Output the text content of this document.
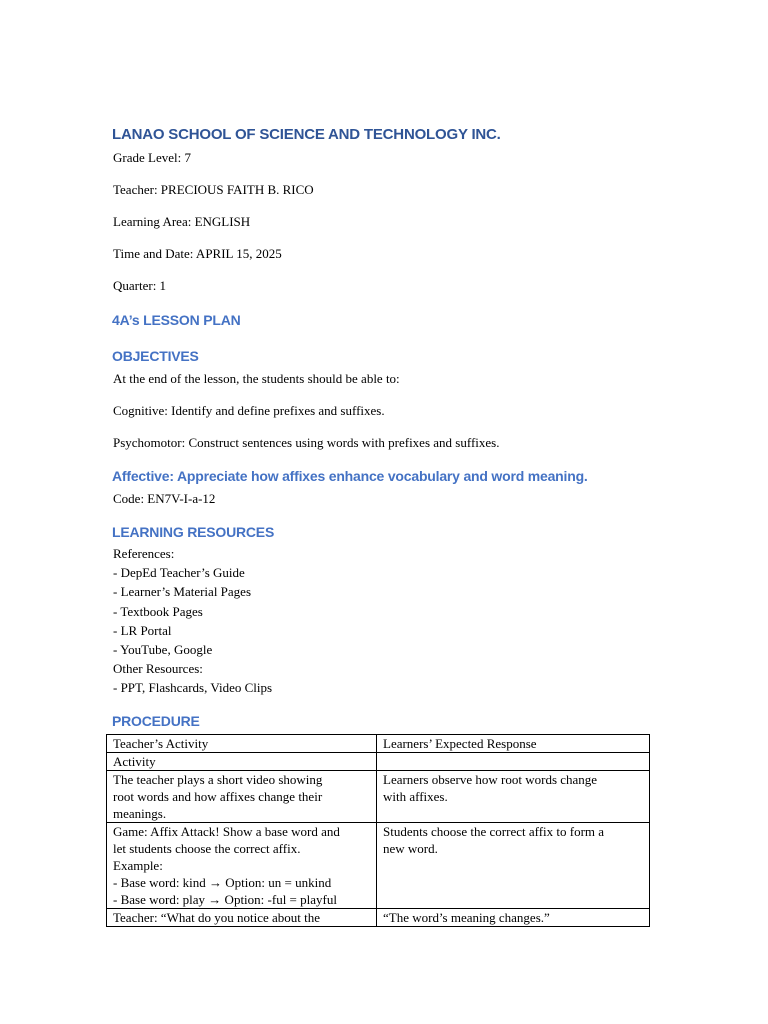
LANAO SCHOOL OF SCIENCE AND TECHNOLOGY INC.

Grade Level: 7

Teacher: PRECIOUS FAITH B. RICO

Learning Area: ENGLISH

Time and Date: APRIL 15, 2025

Quarter: 1

4A’s LESSON PLAN
OBJECTIVES

At the end of the lesson, the students should be able to:

Cognitive: Identify and define prefixes and suffixes.

Psychomotor: Construct sentences using words with prefixes and suffixes.

Affective: Appreciate how affixes enhance vocabulary and word meaning.

Code: EN7V-I-a-12

LEARNING RESOURCES
References:
- DepEd Teacher’s Guide
- Learner’s Material Pages
- Textbook Pages
- LR Portal
- YouTube, Google
Other Resources:
- PPT, Flashcards, Video Clips
PROCEDURE
Teacher’s Activity	Learners’ Expected Response

Activity	

The teacher plays a short video showing
root words and how affixes change their
meanings.	Learners observe how root words change
with affixes.

Game: Affix Attack! Show a base word and
let students choose the correct affix.
Example:
- Base word: kind → Option: un = unkind
- Base word: play → Option: -ful = playful	Students choose the correct affix to form a
new word.

Teacher: “What do you notice about the	“The word’s meaning changes.”
